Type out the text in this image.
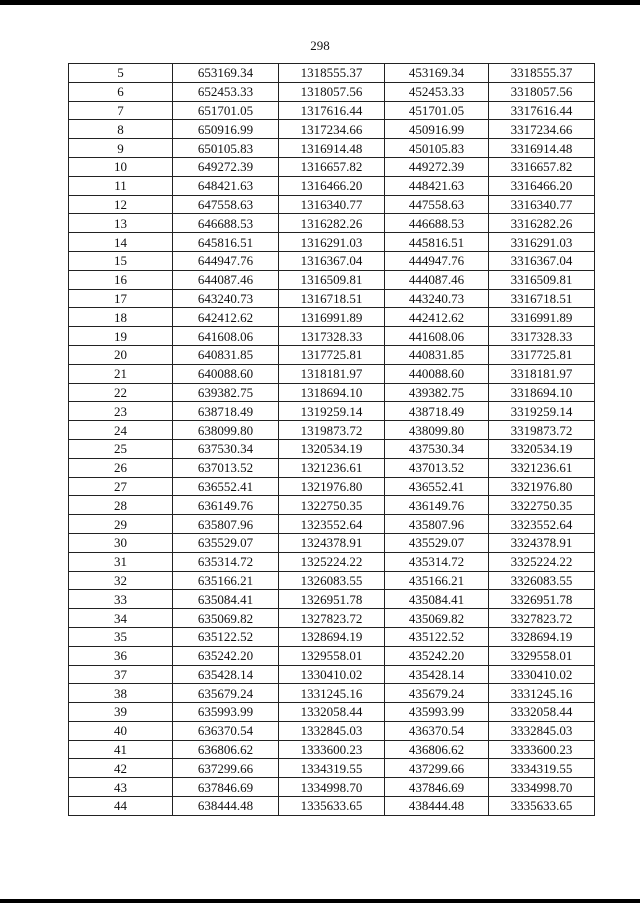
298
5	653169.34	1318555.37	453169.34	3318555.37
6	652453.33	1318057.56	452453.33	3318057.56
7	651701.05	1317616.44	451701.05	3317616.44
8	650916.99	1317234.66	450916.99	3317234.66
9	650105.83	1316914.48	450105.83	3316914.48
10	649272.39	1316657.82	449272.39	3316657.82
11	648421.63	1316466.20	448421.63	3316466.20
12	647558.63	1316340.77	447558.63	3316340.77
13	646688.53	1316282.26	446688.53	3316282.26
14	645816.51	1316291.03	445816.51	3316291.03
15	644947.76	1316367.04	444947.76	3316367.04
16	644087.46	1316509.81	444087.46	3316509.81
17	643240.73	1316718.51	443240.73	3316718.51
18	642412.62	1316991.89	442412.62	3316991.89
19	641608.06	1317328.33	441608.06	3317328.33
20	640831.85	1317725.81	440831.85	3317725.81
21	640088.60	1318181.97	440088.60	3318181.97
22	639382.75	1318694.10	439382.75	3318694.10
23	638718.49	1319259.14	438718.49	3319259.14
24	638099.80	1319873.72	438099.80	3319873.72
25	637530.34	1320534.19	437530.34	3320534.19
26	637013.52	1321236.61	437013.52	3321236.61
27	636552.41	1321976.80	436552.41	3321976.80
28	636149.76	1322750.35	436149.76	3322750.35
29	635807.96	1323552.64	435807.96	3323552.64
30	635529.07	1324378.91	435529.07	3324378.91
31	635314.72	1325224.22	435314.72	3325224.22
32	635166.21	1326083.55	435166.21	3326083.55
33	635084.41	1326951.78	435084.41	3326951.78
34	635069.82	1327823.72	435069.82	3327823.72
35	635122.52	1328694.19	435122.52	3328694.19
36	635242.20	1329558.01	435242.20	3329558.01
37	635428.14	1330410.02	435428.14	3330410.02
38	635679.24	1331245.16	435679.24	3331245.16
39	635993.99	1332058.44	435993.99	3332058.44
40	636370.54	1332845.03	436370.54	3332845.03
41	636806.62	1333600.23	436806.62	3333600.23
42	637299.66	1334319.55	437299.66	3334319.55
43	637846.69	1334998.70	437846.69	3334998.70
44	638444.48	1335633.65	438444.48	3335633.65
